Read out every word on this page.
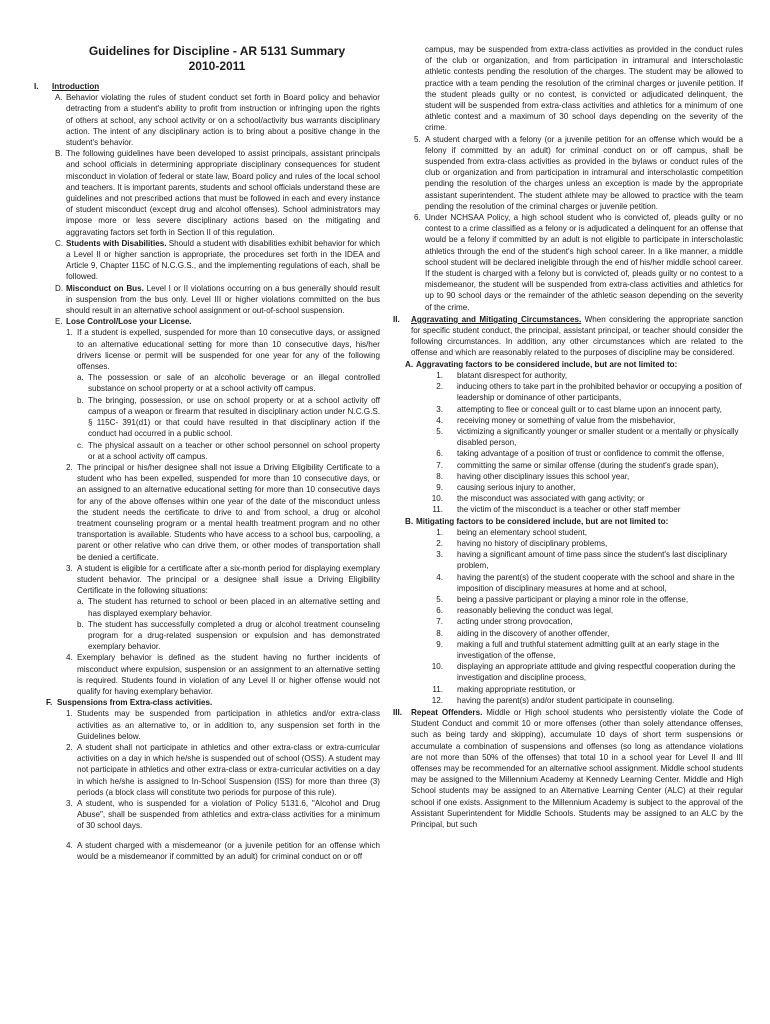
Guidelines for Discipline - AR 5131 Summary
2010-2011
I.	Introduction
A. Behavior violating the rules of student conduct set forth in Board policy and behavior detracting from a student's ability to profit from instruction or infringing upon the rights of others at school, any school activity or on a school/activity bus warrants disciplinary action. The intent of any disciplinary action is to bring about a positive change in the student's behavior.
B. The following guidelines have been developed to assist principals, assistant principals and school officials in determining appropriate disciplinary consequences for student misconduct in violation of federal or state law, Board policy and rules of the local school and teachers. It is important parents, students and school officials understand these are guidelines and not prescribed actions that must be followed in each and every instance of student misconduct (except drug and alcohol offenses). School administrators may impose more or less severe disciplinary actions based on the mitigating and aggravating factors set forth in Section II of this regulation.
C. Students with Disabilities. Should a student with disabilities exhibit behavior for which a Level II or higher sanction is appropriate, the procedures set forth in the IDEA and Article 9, Chapter 115C of N.C.G.S., and the implementing regulations of each, shall be followed.
D. Misconduct on Bus. Level I or II violations occurring on a bus generally should result in suspension from the bus only. Level III or higher violations committed on the bus should result in an alternative school assignment or out-of-school suspension.
E. Lose Control/Lose your License.
1. If a student is expelled, suspended for more than 10 consecutive days, or assigned to an alternative educational setting for more than 10 consecutive days, his/her drivers license or permit will be suspended for one year for any of the following offenses.
a. The possession or sale of an alcoholic beverage or an illegal controlled substance on school property or at a school activity off campus.
b. The bringing, possession, or use on school property or at a school activity off campus of a weapon or firearm that resulted in disciplinary action under N.C.G.S. § 115C- 391(d1) or that could have resulted in that disciplinary action if the conduct had occurred in a public school.
c. The physical assault on a teacher or other school personnel on school property or at a school activity off campus.
2. The principal or his/her designee shall not issue a Driving Eligibility Certificate to a student who has been expelled, suspended for more than 10 consecutive days, or an assigned to an alternative educational setting for more than 10 consecutive days for any of the above offenses within one year of the date of the misconduct unless the student needs the certificate to drive to and from school, a drug or alcohol treatment counseling program or a mental health treatment program and no other transportation is available. Students who have access to a school bus, carpooling, a parent or other relative who can drive them, or other modes of transportation shall be denied a certificate.
3. A student is eligible for a certificate after a six-month period for displaying exemplary student behavior. The principal or a designee shall issue a Driving Eligibility Certificate in the following situations:
a. The student has returned to school or been placed in an alternative setting and has displayed exemplary behavior.
b. The student has successfully completed a drug or alcohol treatment counseling program for a drug-related suspension or expulsion and has demonstrated exemplary behavior.
4. Exemplary behavior is defined as the student having no further incidents of misconduct where expulsion, suspension or an assignment to an alternative setting is required. Students found in violation of any Level II or higher offense would not qualify for having exemplary behavior.
F. Suspensions from Extra-class activities.
1. Students may be suspended from participation in athletics and/or extra-class activities as an alternative to, or in addition to, any suspension set forth in the Guidelines below.
2. A student shall not participate in athletics and other extra-class or extra-curricular activities on a day in which he/she is suspended out of school (OSS). A student may not participate in athletics and other extra-class or extra-curricular activities on a day in which he/she is assigned to In-School Suspension (ISS) for more than three (3) periods (a block class will constitute two periods for purpose of this rule).
3. A student, who is suspended for a violation of Policy 5131.6, "Alcohol and Drug Abuse", shall be suspended from athletics and extra-class activities for a minimum of 30 school days.
4. A student charged with a misdemeanor (or a juvenile petition for an offense which would be a misdemeanor if committed by an adult) for criminal conduct on or off

campus, may be suspended from extra-class activities as provided in the conduct rules of the club or organization, and from participation in intramural and interscholastic athletic contests pending the resolution of the charges. The student may be allowed to practice with a team pending the resolution of the criminal charges or juvenile petition. If the student pleads guilty or no contest, is convicted or adjudicated delinquent, the student will be suspended from extra-class activities and athletics for a minimum of one athletic contest and a maximum of 30 school days depending on the severity of the crime.

5. A student charged with a felony (or a juvenile petition for an offense which would be a felony if committed by an adult) for criminal conduct on or off campus, shall be suspended from extra-class activities as provided in the bylaws or conduct rules of the club or organization and from participation in intramural and interscholastic competition pending the resolution of the charges unless an exception is made by the appropriate assistant superintendent. The student athlete may be allowed to practice with the team pending the resolution of the criminal charges or juvenile petition.
6. Under NCHSAA Policy, a high school student who is convicted of, pleads guilty or no contest to a crime classified as a felony or is adjudicated a delinquent for an offense that would be a felony if committed by an adult is not eligible to participate in interscholastic athletics through the end of the student's high school career. In a like manner, a middle school student will be declared ineligible through the end of his/her middle school career. If the student is charged with a felony but is convicted of, pleads guilty or no contest to a misdemeanor, the student will be suspended from extra-class activities and athletics for up to 90 school days or the remainder of the athletic season depending on the severity of the crime.
II.	Aggravating and Mitigating Circumstances. When considering the appropriate sanction for specific student conduct, the principal, assistant principal, or teacher should consider the following circumstances. In addition, any other circumstances which are related to the offense and which are reasonably related to the purposes of discipline may be considered.
A. Aggravating factors to be considered include, but are not limited to:
1.	blatant disrespect for authority,
2.	inducing others to take part in the prohibited behavior or occupying a position of leadership or dominance of other participants,
3.	attempting to flee or conceal guilt or to cast blame upon an innocent party,
4.	receiving money or something of value from the misbehavior,
5.	victimizing a significantly younger or smaller student or a mentally or physically disabled person,
6.	taking advantage of a position of trust or confidence to commit the offense,
7.	committing the same or similar offense (during the student's grade span),
8.	having other disciplinary issues this school year,
9.	causing serious injury to another,
10.	the misconduct was associated with gang activity; or
11.	the victim of the misconduct is a teacher or other staff member
B. Mitigating factors to be considered include, but are not limited to:
1.	being an elementary school student,
2.	having no history of disciplinary problems,
3.	having a significant amount of time pass since the student's last disciplinary problem,
4.	having the parent(s) of the student cooperate with the school and share in the imposition of disciplinary measures at home and at school,
5.	being a passive participant or playing a minor role in the offense,
6.	reasonably believing the conduct was legal,
7.	acting under strong provocation,
8.	aiding in the discovery of another offender,
9.	making a full and truthful statement admitting guilt at an early stage in the investigation of the offense,
10.	displaying an appropriate attitude and giving respectful cooperation during the investigation and discipline process,
11.	making appropriate restitution, or
12.	having the parent(s) and/or student participate in counseling.
III.	Repeat Offenders. Middle or High school students who persistently violate the Code of Student Conduct and commit 10 or more offenses (other than solely attendance offenses, such as being tardy and skipping), accumulate 10 days of short term suspensions or accumulate a combination of suspensions and offenses (so long as attendance violations are not more than 50% of the offenses) that total 10 in a school year for Level II and III offenses may be recommended for an alternative school assignment. Middle school students may be assigned to the Millennium Academy at Kennedy Learning Center. Middle and High School students may be assigned to an Alternative Learning Center (ALC) at their regular school if one exists. Assignment to the Millennium Academy is subject to the approval of the Assistant Superintendent for Middle Schools. Students may be assigned to an ALC by the Principal, but such
